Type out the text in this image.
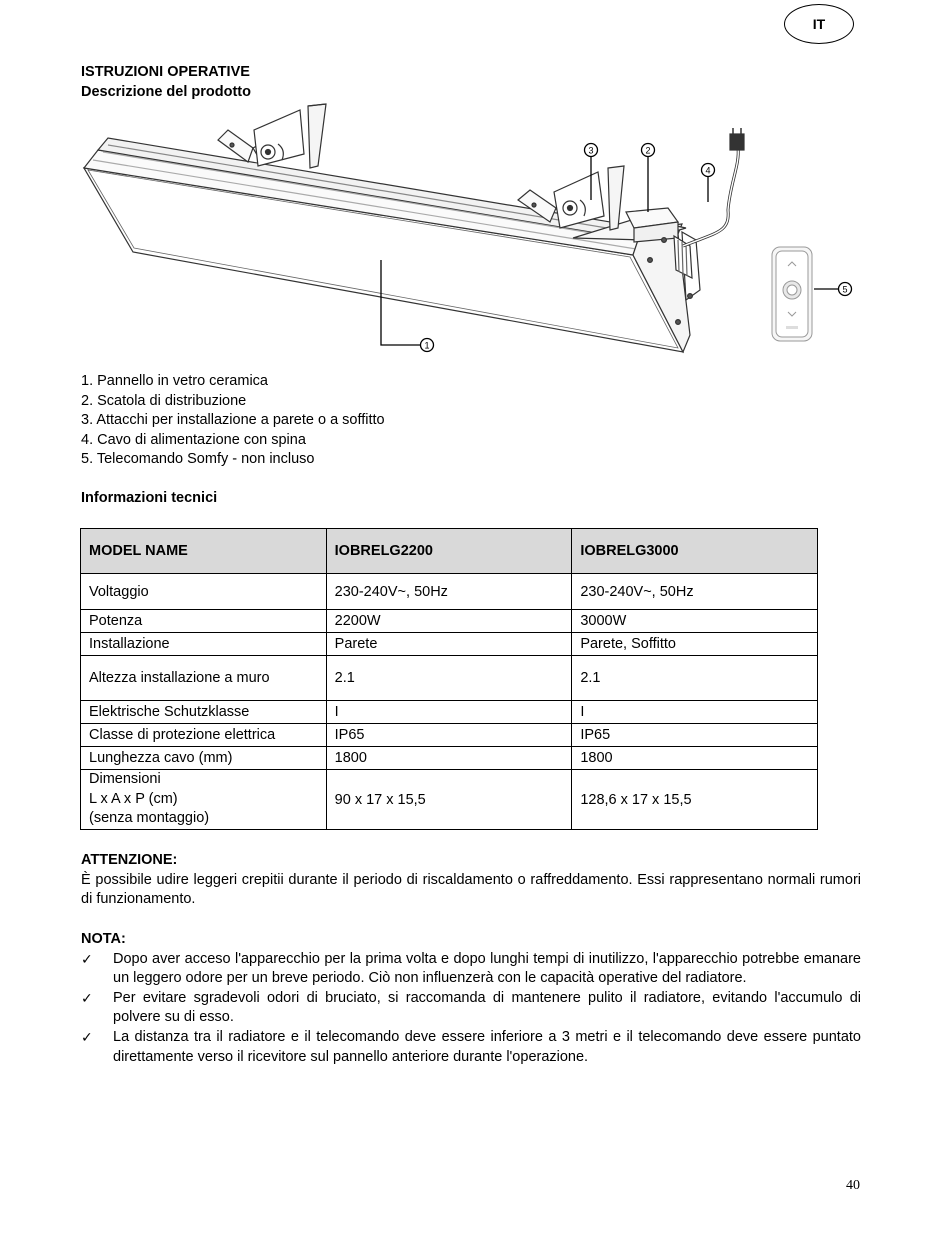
IT
ISTRUZIONI OPERATIVE
Descrizione del prodotto
1
2
3
4
5
1. Pannello in vetro ceramica
2. Scatola di distribuzione
3. Attacchi per installazione a parete o a soffitto
4. Cavo di alimentazione con spina
5. Telecomando Somfy - non incluso
Informazioni tecnici
MODEL NAME	IOBRELG2200	IOBRELG3000
Voltaggio	230-240V~, 50Hz	230-240V~, 50Hz
Potenza	2200W	3000W
Installazione	Parete	Parete, Soffitto
Altezza installazione a muro	2.1	2.1
Elektrische Schutzklasse	I	I
Classe di protezione elettrica	IP65	IP65
Lunghezza cavo (mm)	1800	1800
Dimensioni
L x A x P (cm)
(senza montaggio)	90 x 17 x 15,5	128,6 x 17 x 15,5
ATTENZIONE:

È possibile udire leggeri crepitii durante il periodo di riscaldamento o raffreddamento. Essi rappresentano normali rumori di funzionamento.

NOTA:
✓ Dopo aver acceso l'apparecchio per la prima volta e dopo lunghi tempi di inutilizzo, l'apparecchio potrebbe emanare un leggero odore per un breve periodo. Ciò non influenzerà con le capacità operative del radiatore.
✓ Per evitare sgradevoli odori di bruciato, si raccomanda di mantenere pulito il radiatore, evitando l'accumulo di polvere su di esso.
✓ La distanza tra il radiatore e il telecomando deve essere inferiore a 3 metri e il telecomando deve essere puntato direttamente verso il ricevitore sul pannello anteriore durante l'operazione.
40
